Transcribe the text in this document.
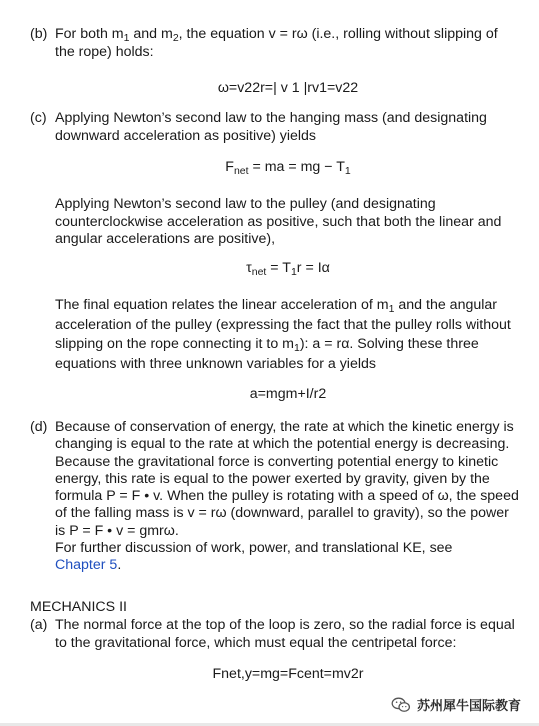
(b) For both $m_1$ and $m_2$, the equation v = rω (i.e., rolling without slipping of the rope) holds:
ω=v22r=| v 1 |rv1=v22
(c) Applying Newton’s second law to the hanging mass (and designating downward acceleration as positive) yields
$F_{net}$ = ma = mg − $T_1$
Applying Newton’s second law to the pulley (and designating counterclockwise acceleration as positive, such that both the linear and angular accelerations are positive),
$\tau_{net} = T_1r = I\alpha$
The final equation relates the linear acceleration of $m_1$ and the angular acceleration of the pulley (expressing the fact that the pulley rolls without slipping on the rope connecting it to $m_1$): a = rα. Solving these three equations with three unknown variables for a yields
a=mgm+I/r2
(d) Because of conservation of energy, the rate at which the kinetic energy is changing is equal to the rate at which the potential energy is decreasing. Because the gravitational force is converting potential energy to kinetic energy, this rate is equal to the power exerted by gravity, given by the formula P = F • v. When the pulley is rotating with a speed of ω, the speed of the falling mass is v = rω (downward, parallel to gravity), so the power is P = F • v = gmrω.
For further discussion of work, power, and translational KE, see
Chapter 5.
MECHANICS II
(a) The normal force at the top of the loop is zero, so the radial force is equal to the gravitational force, which must equal the centripetal force:
Fnet,y=mg=Fcent=mv2r
苏州犀牛国际教育
